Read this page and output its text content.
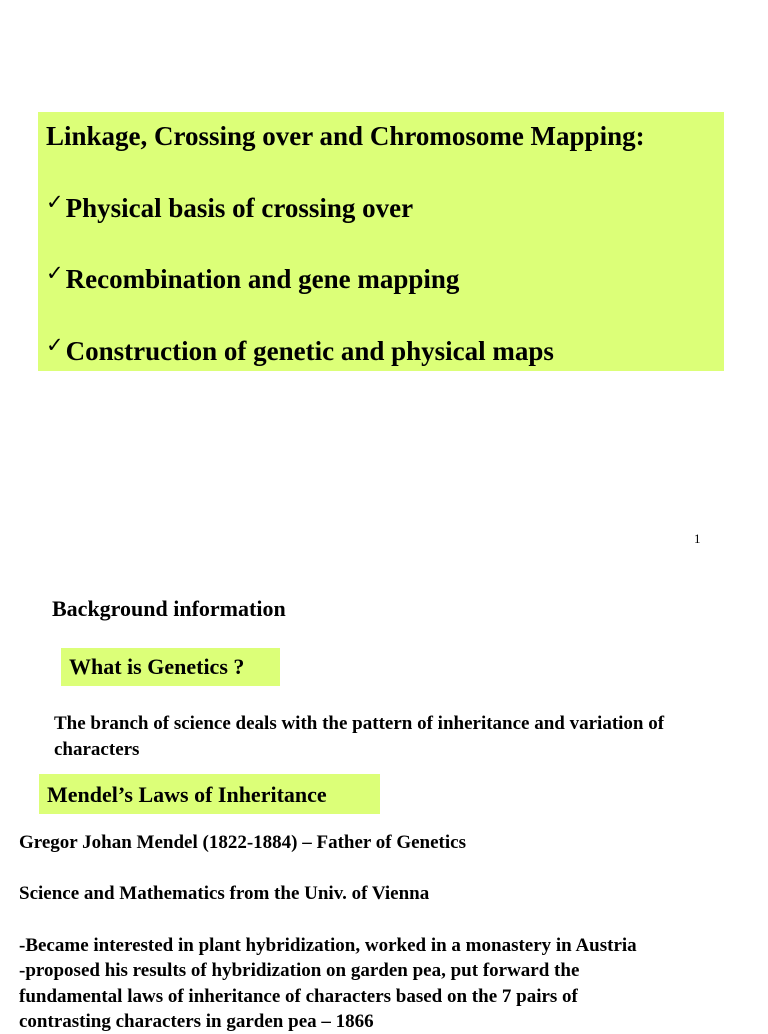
Linkage, Crossing over and Chromosome Mapping:
✓Physical basis of crossing over
✓Recombination and gene mapping
✓Construction of genetic and physical maps
1
Background information
What is Genetics ?
The branch of science deals with the pattern of inheritance and variation of characters
Mendel’s Laws of Inheritance
Gregor Johan Mendel (1822-1884) – Father of Genetics
Science and Mathematics from the Univ. of Vienna
-Became interested in plant hybridization, worked in a monastery in Austria
-proposed his results of hybridization on garden pea, put forward the
fundamental laws of inheritance of characters based on the 7 pairs of
contrasting characters in garden pea – 1866
